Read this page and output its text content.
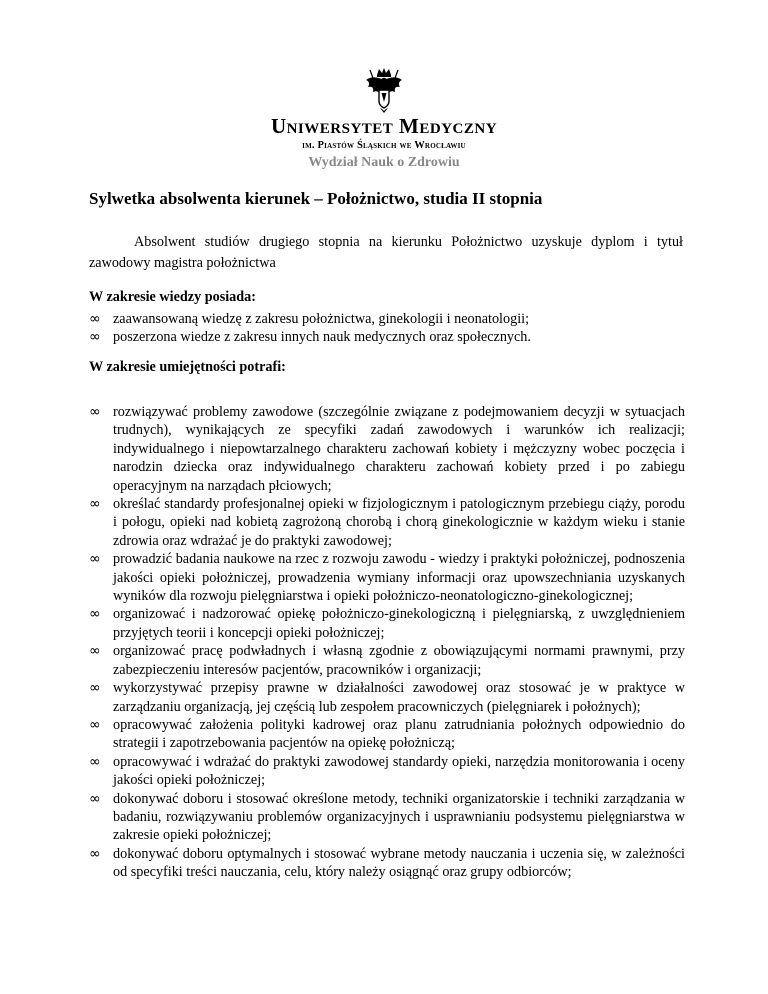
Uniwersytet Medyczny
im. Piastów Śląskich we Wrocławiu
Wydział Nauk o Zdrowiu
Sylwetka absolwenta kierunek – Położnictwo, studia II stopnia
Absolwent studiów drugiego stopnia na kierunku Położnictwo uzyskuje dyplom i tytuł zawodowy magistra położnictwa
W zakresie wiedzy posiada:
∞ zaawansowaną wiedzę z zakresu położnictwa, ginekologii i neonatologii;
∞ poszerzona wiedze z zakresu innych nauk medycznych oraz społecznych.
W zakresie umiejętności potrafi:
∞ rozwiązywać problemy zawodowe (szczególnie związane z podejmowaniem decyzji w sytuacjach trudnych), wynikających ze specyfiki zadań zawodowych i warunków ich realizacji; indywidualnego i niepowtarzalnego charakteru zachowań kobiety i mężczyzny wobec poczęcia i narodzin dziecka oraz indywidualnego charakteru zachowań kobiety przed i po zabiegu operacyjnym na narządach płciowych;
∞ określać standardy profesjonalnej opieki w fizjologicznym i patologicznym przebiegu ciąży, porodu i połogu, opieki nad kobietą zagrożoną chorobą i chorą ginekologicznie w każdym wieku i stanie zdrowia oraz wdrażać je do praktyki zawodowej;
∞ prowadzić badania naukowe na rzec z rozwoju zawodu - wiedzy i praktyki położniczej, podnoszenia jakości opieki położniczej, prowadzenia wymiany informacji oraz upowszechniania uzyskanych wyników dla rozwoju pielęgniarstwa i opieki położniczo-neonatologiczno-ginekologicznej;
∞ organizować i nadzorować opiekę położniczo-ginekologiczną i pielęgniarską, z uwzględnieniem przyjętych teorii i koncepcji opieki położniczej;
∞ organizować pracę podwładnych i własną zgodnie z obowiązującymi normami prawnymi, przy zabezpieczeniu interesów pacjentów, pracowników i organizacji;
∞ wykorzystywać przepisy prawne w działalności zawodowej oraz stosować je w praktyce w zarządzaniu organizacją, jej częścią lub zespołem pracowniczych (pielęgniarek i położnych);
∞ opracowywać założenia polityki kadrowej oraz planu zatrudniania położnych odpowiednio do strategii i zapotrzebowania pacjentów na opiekę położniczą;
∞ opracowywać i wdrażać do praktyki zawodowej standardy opieki, narzędzia monitorowania i oceny jakości opieki położniczej;
∞ dokonywać doboru i stosować określone metody, techniki organizatorskie i techniki zarządzania w badaniu, rozwiązywaniu problemów organizacyjnych i usprawnianiu podsystemu pielęgniarstwa w zakresie opieki położniczej;
∞ dokonywać doboru optymalnych i stosować wybrane metody nauczania i uczenia się, w zależności od specyfiki treści nauczania, celu, który należy osiągnąć oraz grupy odbiorców;
